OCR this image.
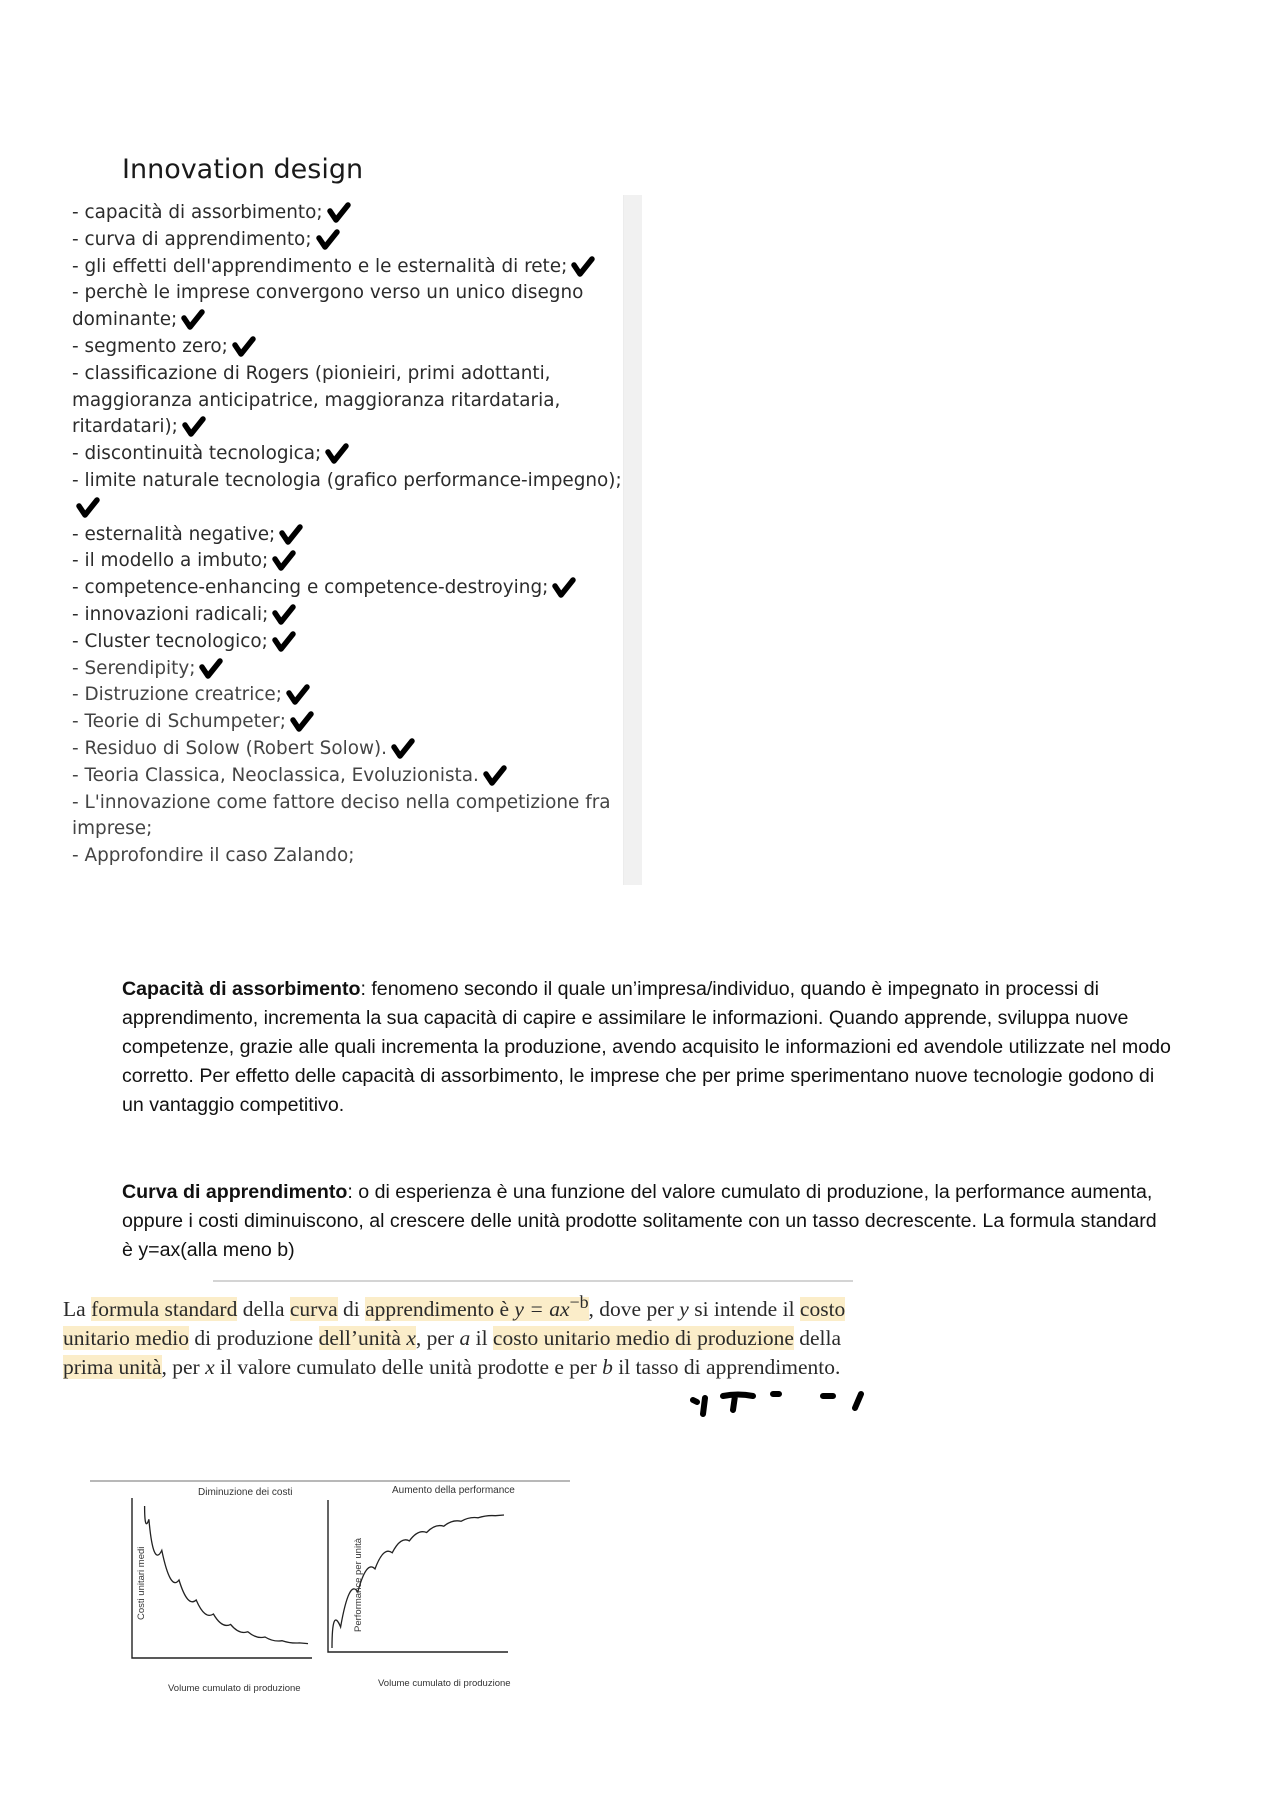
Innovation design
- capacità di assorbimento;
- curva di apprendimento;
- gli effetti dell'apprendimento e le esternalità di rete;
- perchè le imprese convergono verso un unico disegno dominante;
- segmento zero;
- classificazione di Rogers (pionieiri, primi adottanti, maggioranza anticipatrice, maggioranza ritardataria, ritardatari);
- discontinuità tecnologica;
- limite naturale tecnologia (grafico performance-impegno);
- esternalità negative;
- il modello a imbuto;
- competence-enhancing e competence-destroying;
- innovazioni radicali;
- Cluster tecnologico;
- Serendipity;
- Distruzione creatrice;
- Teorie di Schumpeter;
- Residuo di Solow (Robert Solow).
- Teoria Classica, Neoclassica, Evoluzionista.
- L'innovazione come fattore deciso nella competizione fra imprese;
- Approfondire il caso Zalando;

Capacità di assorbimento: fenomeno secondo il quale un’impresa/individuo, quando è impegnato in processi di apprendimento, incrementa la sua capacità di capire e assimilare le informazioni. Quando apprende, sviluppa nuove competenze, grazie alle quali incrementa la produzione, avendo acquisito le informazioni ed avendole utilizzate nel modo corretto. Per effetto delle capacità di assorbimento, le imprese che per prime sperimentano nuove tecnologie godono di un vantaggio competitivo.

Curva di apprendimento: o di esperienza è una funzione del valore cumulato di produzione, la performance aumenta, oppure i costi diminuiscono, al crescere delle unità prodotte solitamente con un tasso decrescente. La formula standard è y=ax(alla meno b)

La formula standard della curva di apprendimento è $y = ax^{-b}$, dove per y si intende il costo unitario medio di produzione dell’unità x, per a il costo unitario medio di produzione della prima unità, per x il valore cumulato delle unità prodotte e per b il tasso di apprendimento.
Diminuzione dei costi	Aumento della performance
Costi unitari medi	Performance per unità
Volume cumulato di produzione	Volume cumulato di produzione
